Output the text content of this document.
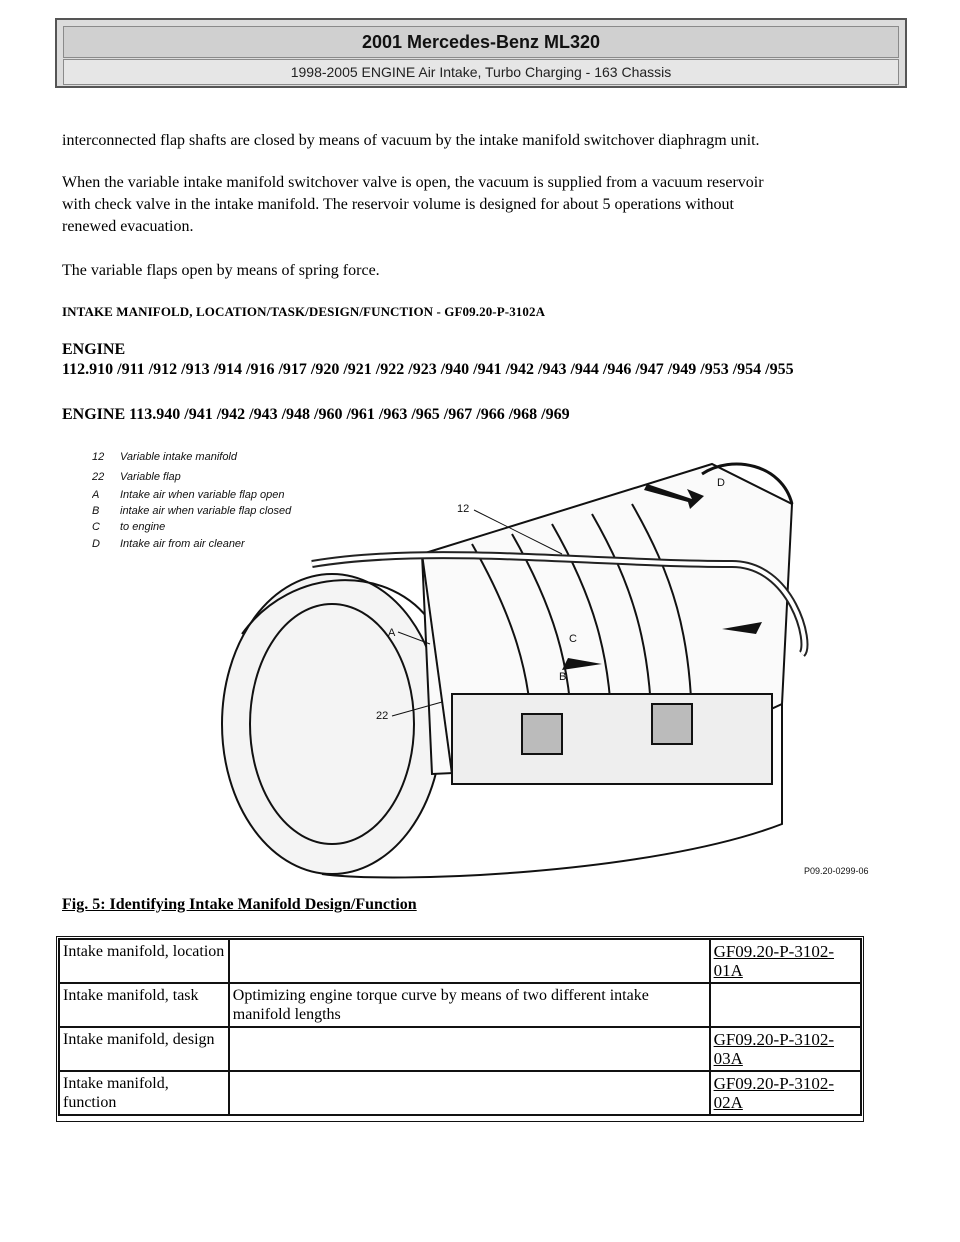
2001 Mercedes-Benz ML320
1998-2005 ENGINE Air Intake, Turbo Charging - 163 Chassis
interconnected flap shafts are closed by means of vacuum by the intake manifold switchover diaphragm unit.
When the variable intake manifold switchover valve is open, the vacuum is supplied from a vacuum reservoir
with check valve in the intake manifold. The reservoir volume is designed for about 5 operations without
renewed evacuation.
The variable flaps open by means of spring force.
INTAKE MANIFOLD, LOCATION/TASK/DESIGN/FUNCTION - GF09.20-P-3102A
ENGINE
112.910 /911 /912 /913 /914 /916 /917 /920 /921 /922 /923 /940 /941 /942 /943 /944 /946 /947 /949 /953 /954 /955
ENGINE 113.940 /941 /942 /943 /948 /960 /961 /963 /965 /967 /966 /968 /969
12 Variable intake manifold
22 Variable flap
A Intake air when variable flap open
B intake air when variable flap closed
C to engine
D Intake air from air cleaner
12
D
A	C
B
22
P09.20-0299-06
Fig. 5: Identifying Intake Manifold Design/Function
Intake manifold, location		GF09.20-P-3102-01A
Intake manifold, task	Optimizing engine torque curve by means of two different intake manifold lengths	
Intake manifold, design		GF09.20-P-3102-03A
Intake manifold, function		GF09.20-P-3102-02A
